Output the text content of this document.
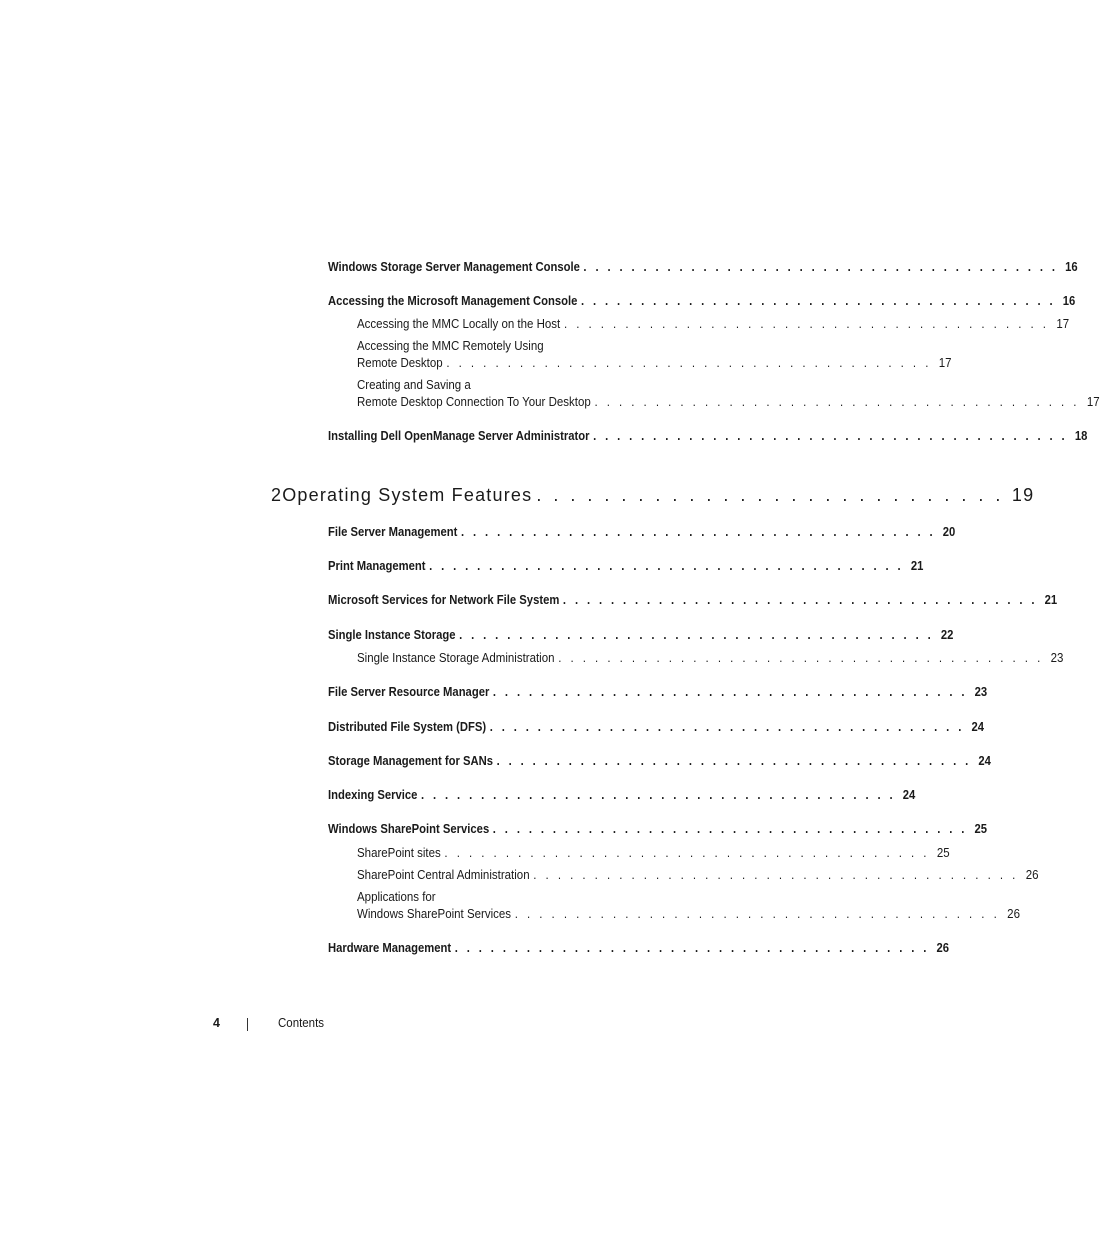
Windows Storage Server Management Console . . . . . . . . . . . . . . . . . . . . . . . . . . . . . . . . . . . . . . . . 16
Accessing the Microsoft Management Console . . . . . . . . . . . . . . . . . . . . . . . . . . . . . . . . . . . . . . . . 16
Accessing the MMC Locally on the Host . . . . . . . . . . . . . . . . . . . . . . . . . . . . . . . . . . . . . . . . 17
Accessing the MMC Remotely Using
Remote Desktop . . . . . . . . . . . . . . . . . . . . . . . . . . . . . . . . . . . . . . . . 17
Creating and Saving a
Remote Desktop Connection To Your Desktop . . . . . . . . . . . . . . . . . . . . . . . . . . . . . . . . . . . . . . . . 17
Installing Dell OpenManage Server Administrator . . . . . . . . . . . . . . . . . . . . . . . . . . . . . . . . . . . . . . . . 18
2 Operating System Features . . . . . . . . . . . . . . . . . . . . . . . . . . . . 19
File Server Management . . . . . . . . . . . . . . . . . . . . . . . . . . . . . . . . . . . . . . . . 20
Print Management . . . . . . . . . . . . . . . . . . . . . . . . . . . . . . . . . . . . . . . . 21
Microsoft Services for Network File System . . . . . . . . . . . . . . . . . . . . . . . . . . . . . . . . . . . . . . . . 21
Single Instance Storage . . . . . . . . . . . . . . . . . . . . . . . . . . . . . . . . . . . . . . . . 22
Single Instance Storage Administration . . . . . . . . . . . . . . . . . . . . . . . . . . . . . . . . . . . . . . . . 23
File Server Resource Manager . . . . . . . . . . . . . . . . . . . . . . . . . . . . . . . . . . . . . . . . 23
Distributed File System (DFS) . . . . . . . . . . . . . . . . . . . . . . . . . . . . . . . . . . . . . . . . 24
Storage Management for SANs . . . . . . . . . . . . . . . . . . . . . . . . . . . . . . . . . . . . . . . . 24
Indexing Service . . . . . . . . . . . . . . . . . . . . . . . . . . . . . . . . . . . . . . . . 24
Windows SharePoint Services . . . . . . . . . . . . . . . . . . . . . . . . . . . . . . . . . . . . . . . . 25
SharePoint sites . . . . . . . . . . . . . . . . . . . . . . . . . . . . . . . . . . . . . . . . 25
SharePoint Central Administration . . . . . . . . . . . . . . . . . . . . . . . . . . . . . . . . . . . . . . . . 26
Applications for
Windows SharePoint Services . . . . . . . . . . . . . . . . . . . . . . . . . . . . . . . . . . . . . . . . 26
Hardware Management . . . . . . . . . . . . . . . . . . . . . . . . . . . . . . . . . . . . . . . . 26
4	Contents
